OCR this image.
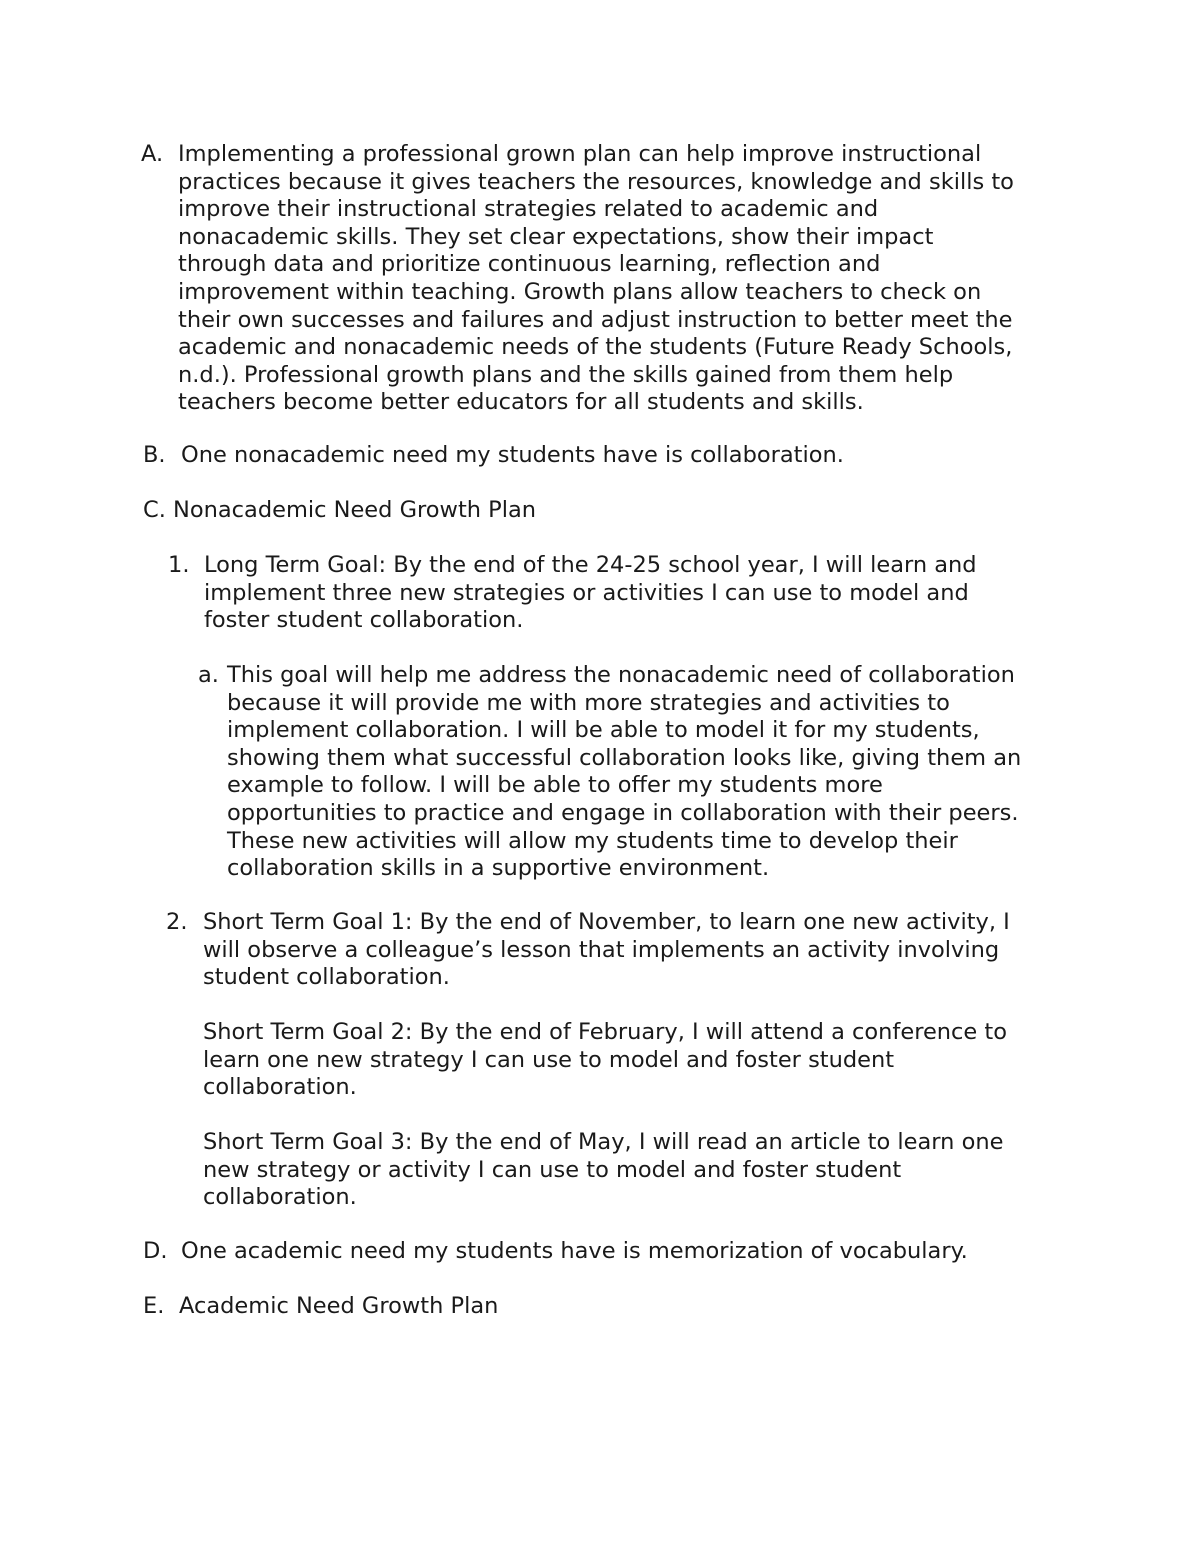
A. Implementing a professional grown plan can help improve instructional
practices because it gives teachers the resources, knowledge and skills to
improve their instructional strategies related to academic and
nonacademic skills. They set clear expectations, show their impact
through data and prioritize continuous learning, reflection and
improvement within teaching. Growth plans allow teachers to check on
their own successes and failures and adjust instruction to better meet the
academic and nonacademic needs of the students (Future Ready Schools,
n.d.). Professional growth plans and the skills gained from them help
teachers become better educators for all students and skills.
B. One nonacademic need my students have is collaboration.
C. Nonacademic Need Growth Plan
1. Long Term Goal: By the end of the 24-25 school year, I will learn and
implement three new strategies or activities I can use to model and
foster student collaboration.
a. This goal will help me address the nonacademic need of collaboration
because it will provide me with more strategies and activities to
implement collaboration. I will be able to model it for my students,
showing them what successful collaboration looks like, giving them an
example to follow. I will be able to offer my students more
opportunities to practice and engage in collaboration with their peers.
These new activities will allow my students time to develop their
collaboration skills in a supportive environment.
2. Short Term Goal 1: By the end of November, to learn one new activity, I
will observe a colleague’s lesson that implements an activity involving
student collaboration.
Short Term Goal 2: By the end of February, I will attend a conference to
learn one new strategy I can use to model and foster student
collaboration.
Short Term Goal 3: By the end of May, I will read an article to learn one
new strategy or activity I can use to model and foster student
collaboration.
D. One academic need my students have is memorization of vocabulary.
E. Academic Need Growth Plan
